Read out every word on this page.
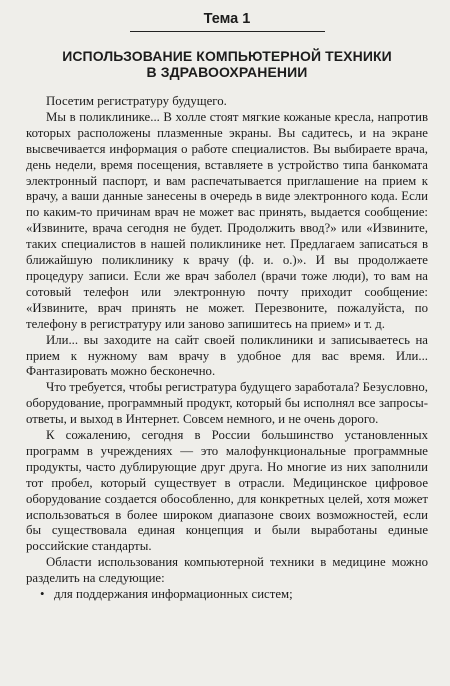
Тема 1
ИСПОЛЬЗОВАНИЕ КОМПЬЮТЕРНОЙ ТЕХНИКИ
В ЗДРАВООХРАНЕНИИ

Посетим регистратуру будущего.

Мы в поликлинике... В холле стоят мягкие кожаные кресла, напротив которых расположены плазменные экраны. Вы садитесь, и на экране высвечивается информация о работе специалистов. Вы выбираете врача, день недели, время посещения, вставляете в устройство типа банкомата электронный паспорт, и вам распечатывается приглашение на прием к врачу, а ваши данные занесены в очередь в виде электронного кода. Если по каким-то причинам врач не может вас принять, выдается сообщение: «Извините, врача сегодня не будет. Продолжить ввод?» или «Извините, таких специалистов в нашей поликлинике нет. Предлагаем записаться в ближайшую поликлинику к врачу (ф. и. о.)». И вы продолжаете процедуру записи. Если же врач заболел (врачи тоже люди), то вам на сотовый телефон или электронную почту приходит сообщение: «Извините, врач принять не может. Перезвоните, пожалуйста, по телефону в регистратуру или заново запишитесь на прием» и т. д.

Или... вы заходите на сайт своей поликлиники и записываетесь на прием к нужному вам врачу в удобное для вас время. Или... Фантазировать можно бесконечно.

Что требуется, чтобы регистратура будущего заработала? Безусловно, оборудование, программный продукт, который бы исполнял все запросы-ответы, и выход в Интернет. Совсем немного, и не очень дорого.

К сожалению, сегодня в России большинство установленных программ в учреждениях — это малофункциональные программные продукты, часто дублирующие друг друга. Но многие из них заполнили тот пробел, который существует в отрасли. Медицинское цифровое оборудование создается обособленно, для конкретных целей, хотя может использоваться в более широком диапазоне своих возможностей, если бы существовала единая концепция и были выработаны единые российские стандарты.

Области использования компьютерной техники в медицине можно разделить на следующие:

• для поддержания информационных систем;
